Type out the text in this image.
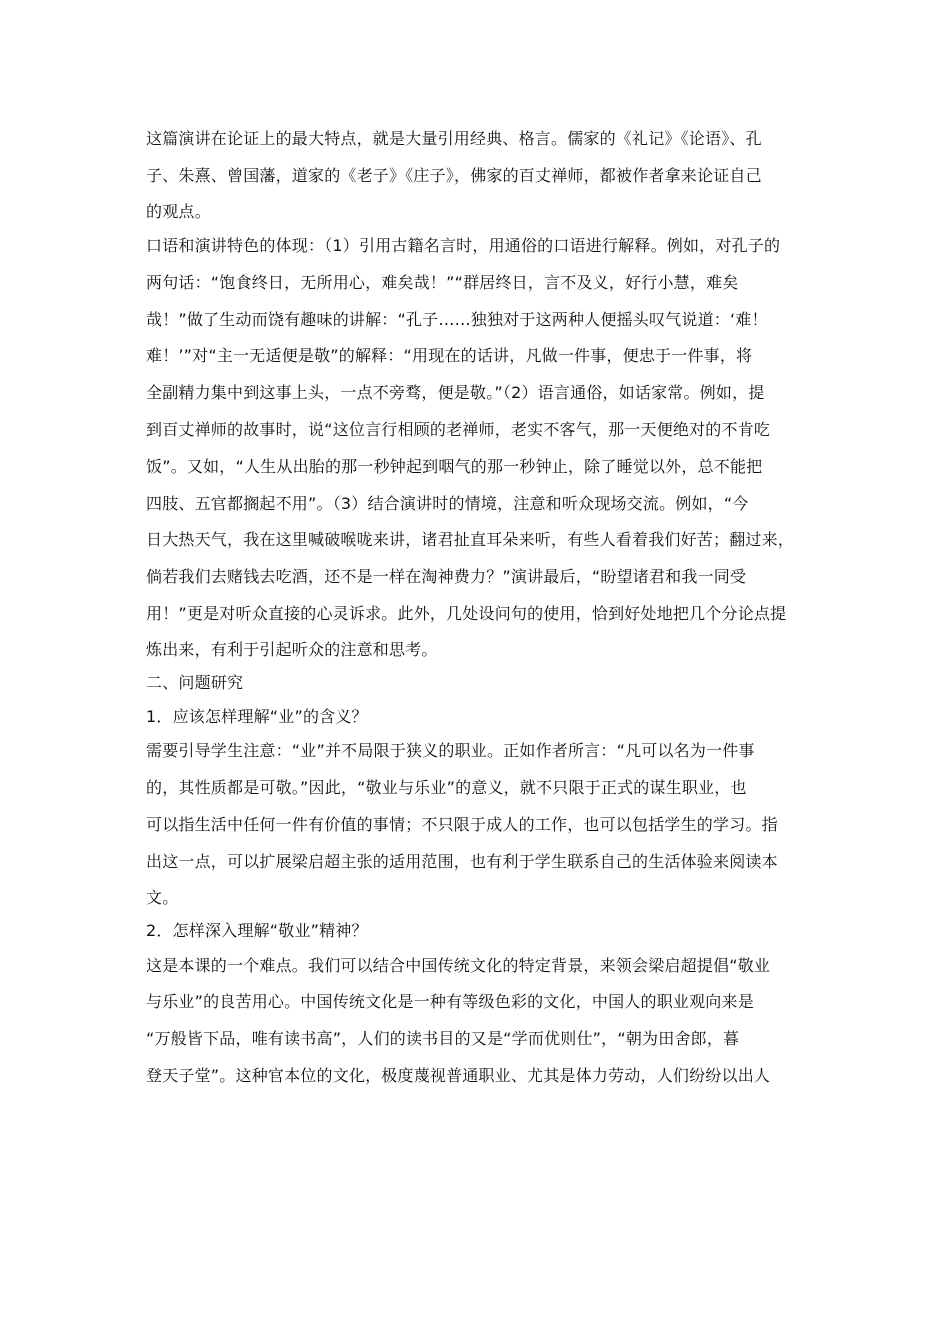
这篇演讲在论证上的最大特点，就是大量引用经典、格言。儒家的《礼记》《论语》、孔
子、朱熹、曾国藩，道家的《老子》《庄子》，佛家的百丈禅师，都被作者拿来论证自己
的观点。
口语和演讲特色的体现：（1）引用古籍名言时，用通俗的口语进行解释。例如，对孔子的
两句话：“饱食终日，无所用心，难矣哉！”“群居终日，言不及义，好行小慧，难矣
哉！”做了生动而饶有趣味的讲解：“孔子……独独对于这两种人便摇头叹气说道：‘难！
难！’”对“主一无适便是敬”的解释：“用现在的话讲，凡做一件事，便忠于一件事，将
全副精力集中到这事上头，一点不旁骛，便是敬。”（2）语言通俗，如话家常。例如，提
到百丈禅师的故事时，说“这位言行相顾的老禅师，老实不客气，那一天便绝对的不肯吃
饭”。又如，“人生从出胎的那一秒钟起到咽气的那一秒钟止，除了睡觉以外，总不能把
四肢、五官都搁起不用”。（3）结合演讲时的情境，注意和听众现场交流。例如，“今
日大热天气，我在这里喊破喉咙来讲，诸君扯直耳朵来听，有些人看着我们好苦；翻过来，
倘若我们去赌钱去吃酒，还不是一样在淘神费力？”演讲最后，“盼望诸君和我一同受
用！”更是对听众直接的心灵诉求。此外，几处设问句的使用，恰到好处地把几个分论点提
炼出来，有利于引起听众的注意和思考。
二、问题研究
1．应该怎样理解“业”的含义？
需要引导学生注意：“业”并不局限于狭义的职业。正如作者所言：“凡可以名为一件事
的，其性质都是可敬。”因此，“敬业与乐业”的意义，就不只限于正式的谋生职业，也
可以指生活中任何一件有价值的事情；不只限于成人的工作，也可以包括学生的学习。指
出这一点，可以扩展梁启超主张的适用范围，也有利于学生联系自己的生活体验来阅读本
文。
2．怎样深入理解“敬业”精神？
这是本课的一个难点。我们可以结合中国传统文化的特定背景，来领会梁启超提倡“敬业
与乐业”的良苦用心。中国传统文化是一种有等级色彩的文化，中国人的职业观向来是
“万般皆下品，唯有读书高”，人们的读书目的又是“学而优则仕”，“朝为田舍郎，暮
登天子堂”。这种官本位的文化，极度蔑视普通职业、尤其是体力劳动，人们纷纷以出人
